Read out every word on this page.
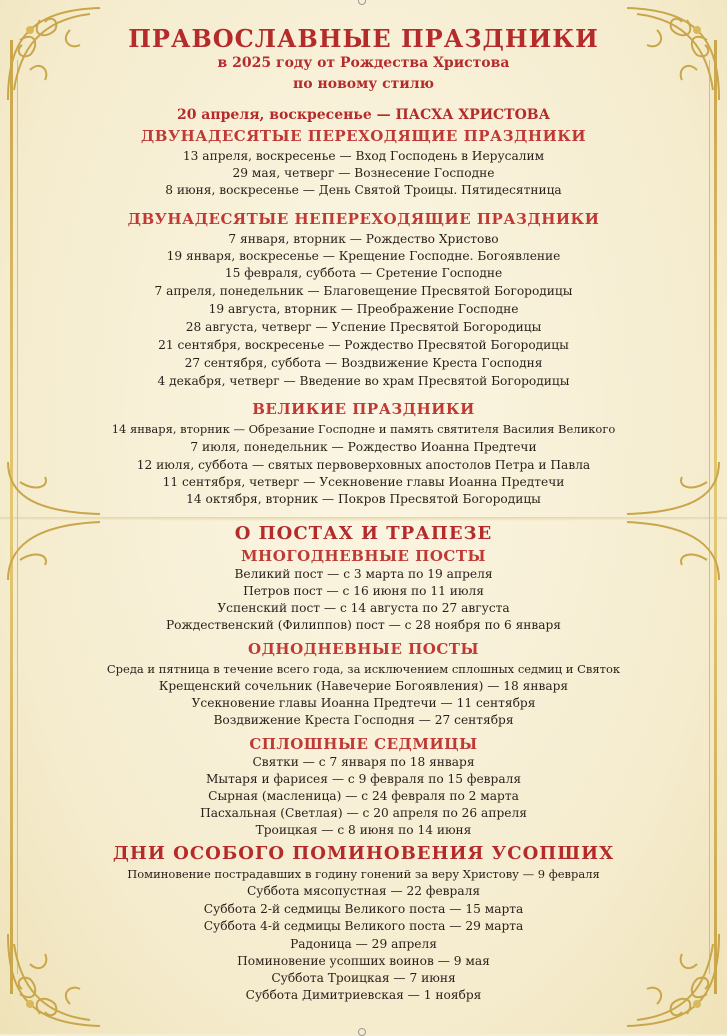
ПРАВОСЛАВНЫЕ ПРАЗДНИКИ
в 2025 году от Рождества Христова
по новому стилю
20 апреля, воскресенье — ПАСХА ХРИСТОВА
ДВУНАДЕСЯТЫЕ ПЕРЕХОДЯЩИЕ ПРАЗДНИКИ
13 апреля, воскресенье — Вход Господень в Иерусалим
29 мая, четверг — Вознесение Господне
8 июня, воскресенье — День Святой Троицы. Пятидесятница
ДВУНАДЕСЯТЫЕ НЕПЕРЕХОДЯЩИЕ ПРАЗДНИКИ
7 января, вторник — Рождество Христово
19 января, воскресенье — Крещение Господне. Богоявление
15 февраля, суббота — Сретение Господне
7 апреля, понедельник — Благовещение Пресвятой Богородицы
19 августа, вторник — Преображение Господне
28 августа, четверг — Успение Пресвятой Богородицы
21 сентября, воскресенье — Рождество Пресвятой Богородицы
27 сентября, суббота — Воздвижение Креста Господня
4 декабря, четверг — Введение во храм Пресвятой Богородицы
ВЕЛИКИЕ ПРАЗДНИКИ
14 января, вторник — Обрезание Господне и память святителя Василия Великого
7 июля, понедельник — Рождество Иоанна Предтечи
12 июля, суббота — святых первоверховных апостолов Петра и Павла
11 сентября, четверг — Усекновение главы Иоанна Предтечи
14 октября, вторник — Покров Пресвятой Богородицы
О ПОСТАХ И ТРАПЕЗЕ
МНОГОДНЕВНЫЕ ПОСТЫ
Великий пост — с 3 марта по 19 апреля
Петров пост — с 16 июня по 11 июля
Успенский пост — с 14 августа по 27 августа
Рождественский (Филиппов) пост — с 28 ноября по 6 января
ОДНОДНЕВНЫЕ ПОСТЫ
Среда и пятница в течение всего года, за исключением сплошных седмиц и Святок
Крещенский сочельник (Навечерие Богоявления) — 18 января
Усекновение главы Иоанна Предтечи — 11 сентября
Воздвижение Креста Господня — 27 сентября
СПЛОШНЫЕ СЕДМИЦЫ
Святки — с 7 января по 18 января
Мытаря и фарисея — с 9 февраля по 15 февраля
Сырная (масленица) — с 24 февраля по 2 марта
Пасхальная (Светлая) — с 20 апреля по 26 апреля
Троицкая — с 8 июня по 14 июня
ДНИ ОСОБОГО ПОМИНОВЕНИЯ УСОПШИХ
Поминовение пострадавших в годину гонений за веру Христову — 9 февраля
Суббота мясопустная — 22 февраля
Суббота 2-й седмицы Великого поста — 15 марта
Суббота 4-й седмицы Великого поста — 29 марта
Радоница — 29 апреля
Поминовение усопших воинов — 9 мая
Суббота Троицкая — 7 июня
Суббота Димитриевская — 1 ноября
